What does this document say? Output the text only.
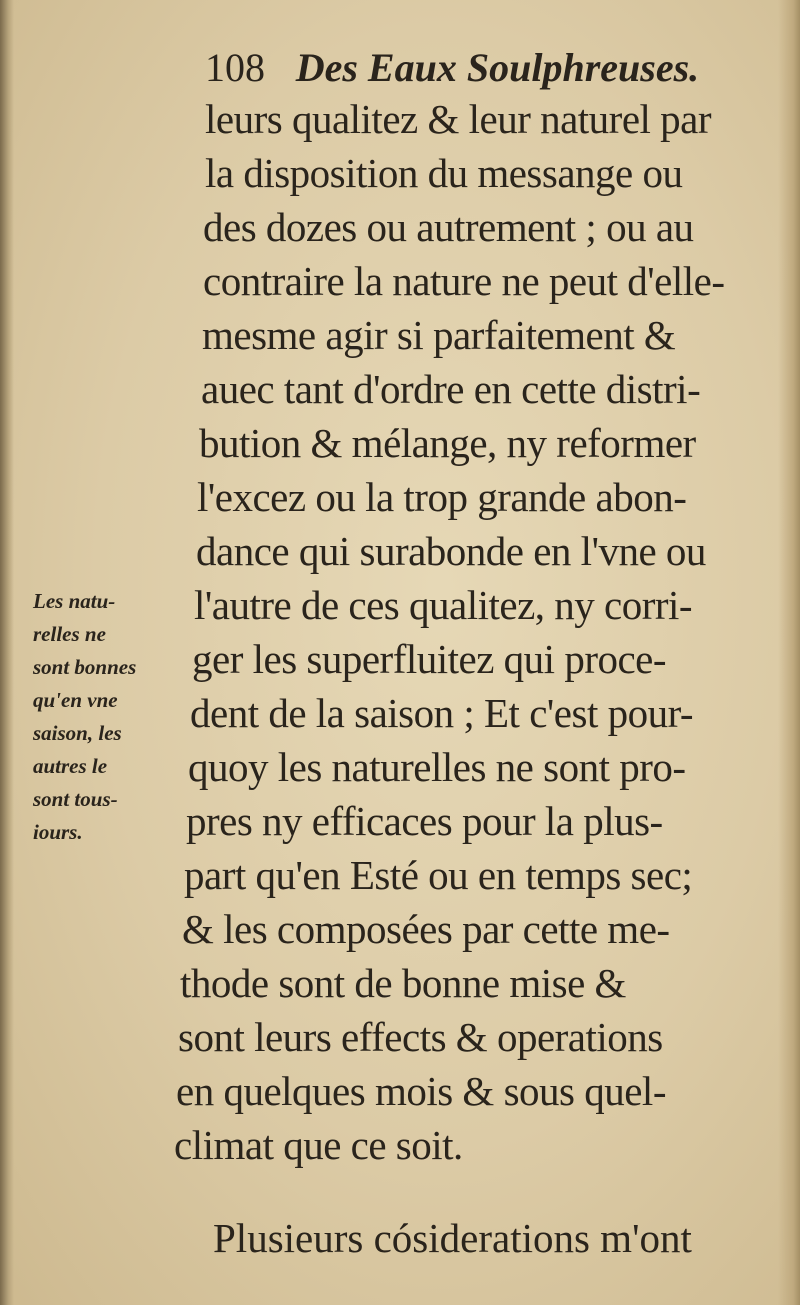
108 Des Eaux Soulphreuses.
leurs qualitez & leur naturel par
la disposition du messange ou
des dozes ou autrement ; ou au
contraire la nature ne peut d'elle-
mesme agir si parfaitement &
auec tant d'ordre en cette distri-
bution & mélange, ny reformer
l'excez ou la trop grande abon-
dance qui surabonde en l'vne ou
l'autre de ces qualitez, ny corri-
ger les superfluitez qui proce-
dent de la saison ; Et c'est pour-
quoy les naturelles ne sont pro-
pres ny efficaces pour la plus-
part qu'en Esté ou en temps sec;
& les composées par cette me-
thode sont de bonne mise &
sont leurs effects & operations
en quelques mois & sous quel-
climat que ce soit.
Les natu-
relles ne
sont bonnes
qu'en vne
saison, les
autres le
sont tous-
iours.
Plusieurs cósiderations m'ont
